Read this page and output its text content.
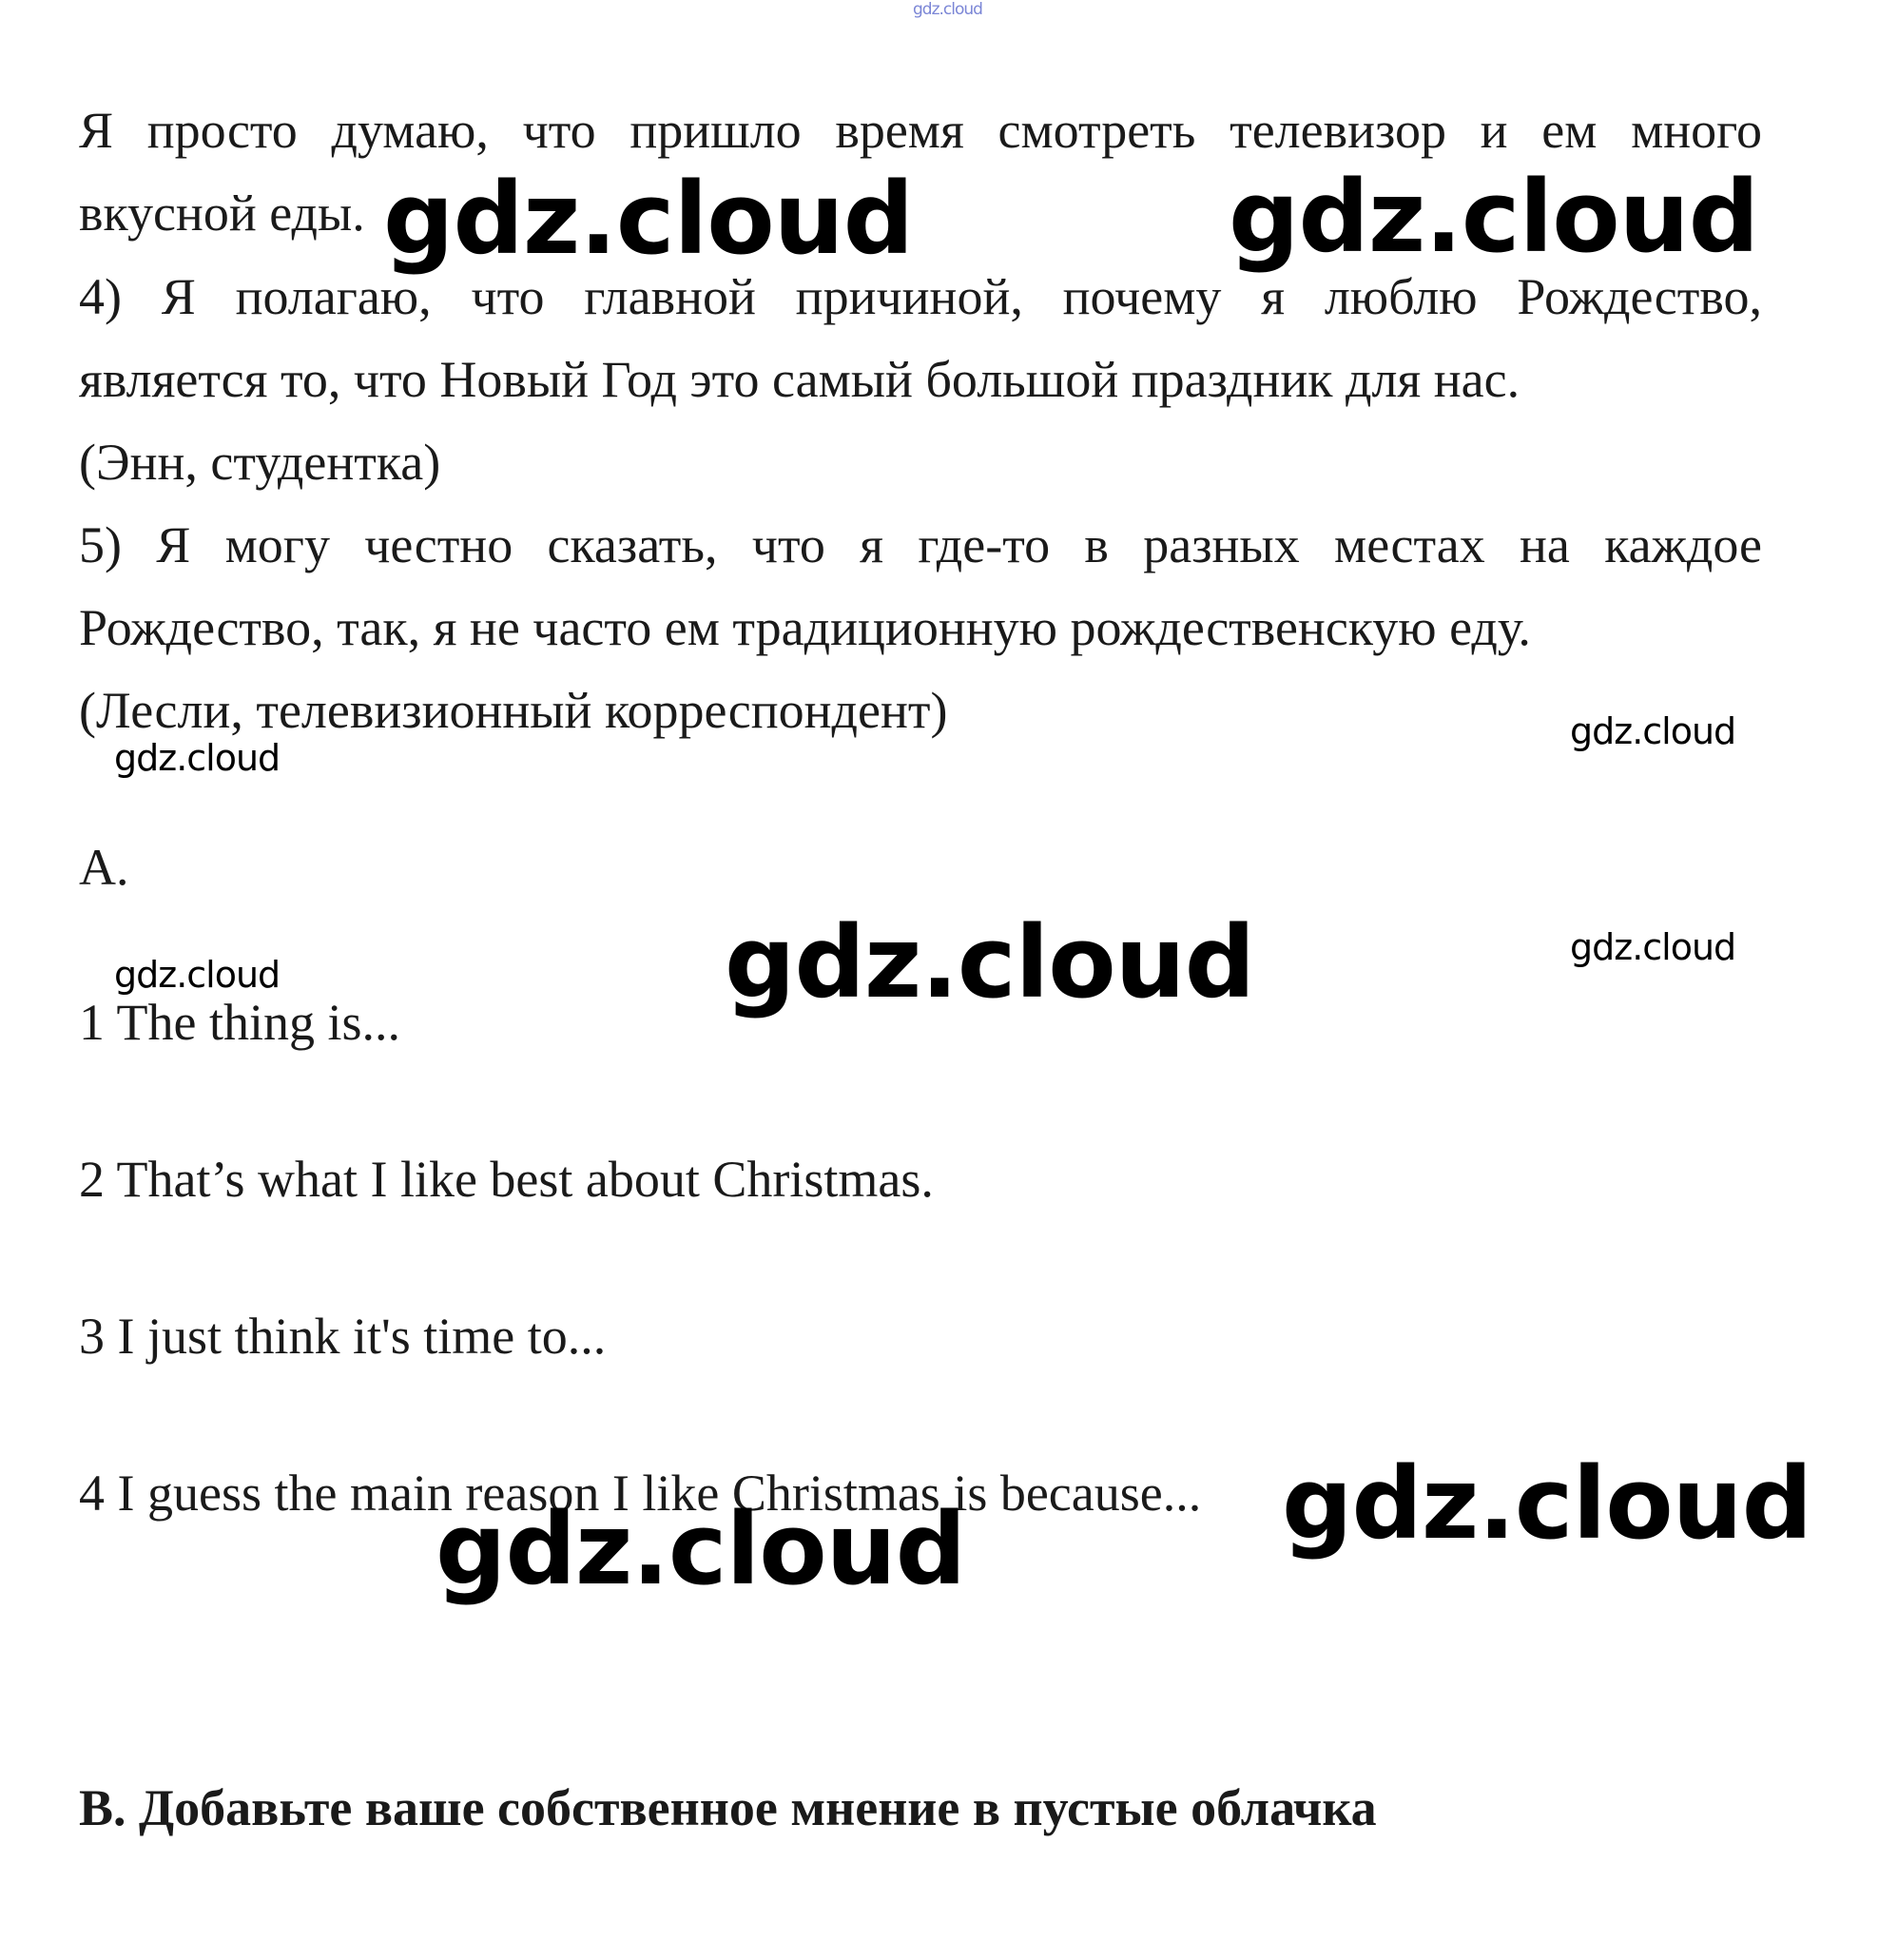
gdz.cloud
Я просто думаю, что пришло время смотреть телевизор и ем много
вкусной еды.
4) Я полагаю, что главной причиной, почему я люблю Рождество,
является то, что Новый Год это самый большой праздник для нас.
(Энн, студентка)
5) Я могу честно сказать, что я где-то в разных местах на каждое
Рождество, так, я не часто ем традиционную рождественскую еду.
(Лесли, телевизионный корреспондент)
A.
1 The thing is...
2 That’s what I like best about Christmas.
3 I just think it's time to...
4 I guess the main reason I like Christmas is because...
B. Добавьте ваше собственное мнение в пустые облачка
gdz.cloud	gdz.cloud
gdz.cloud
gdz.cloud
gdz.cloud	gdz.cloud
gdz.cloud
gdz.cloud
gdz.cloud
